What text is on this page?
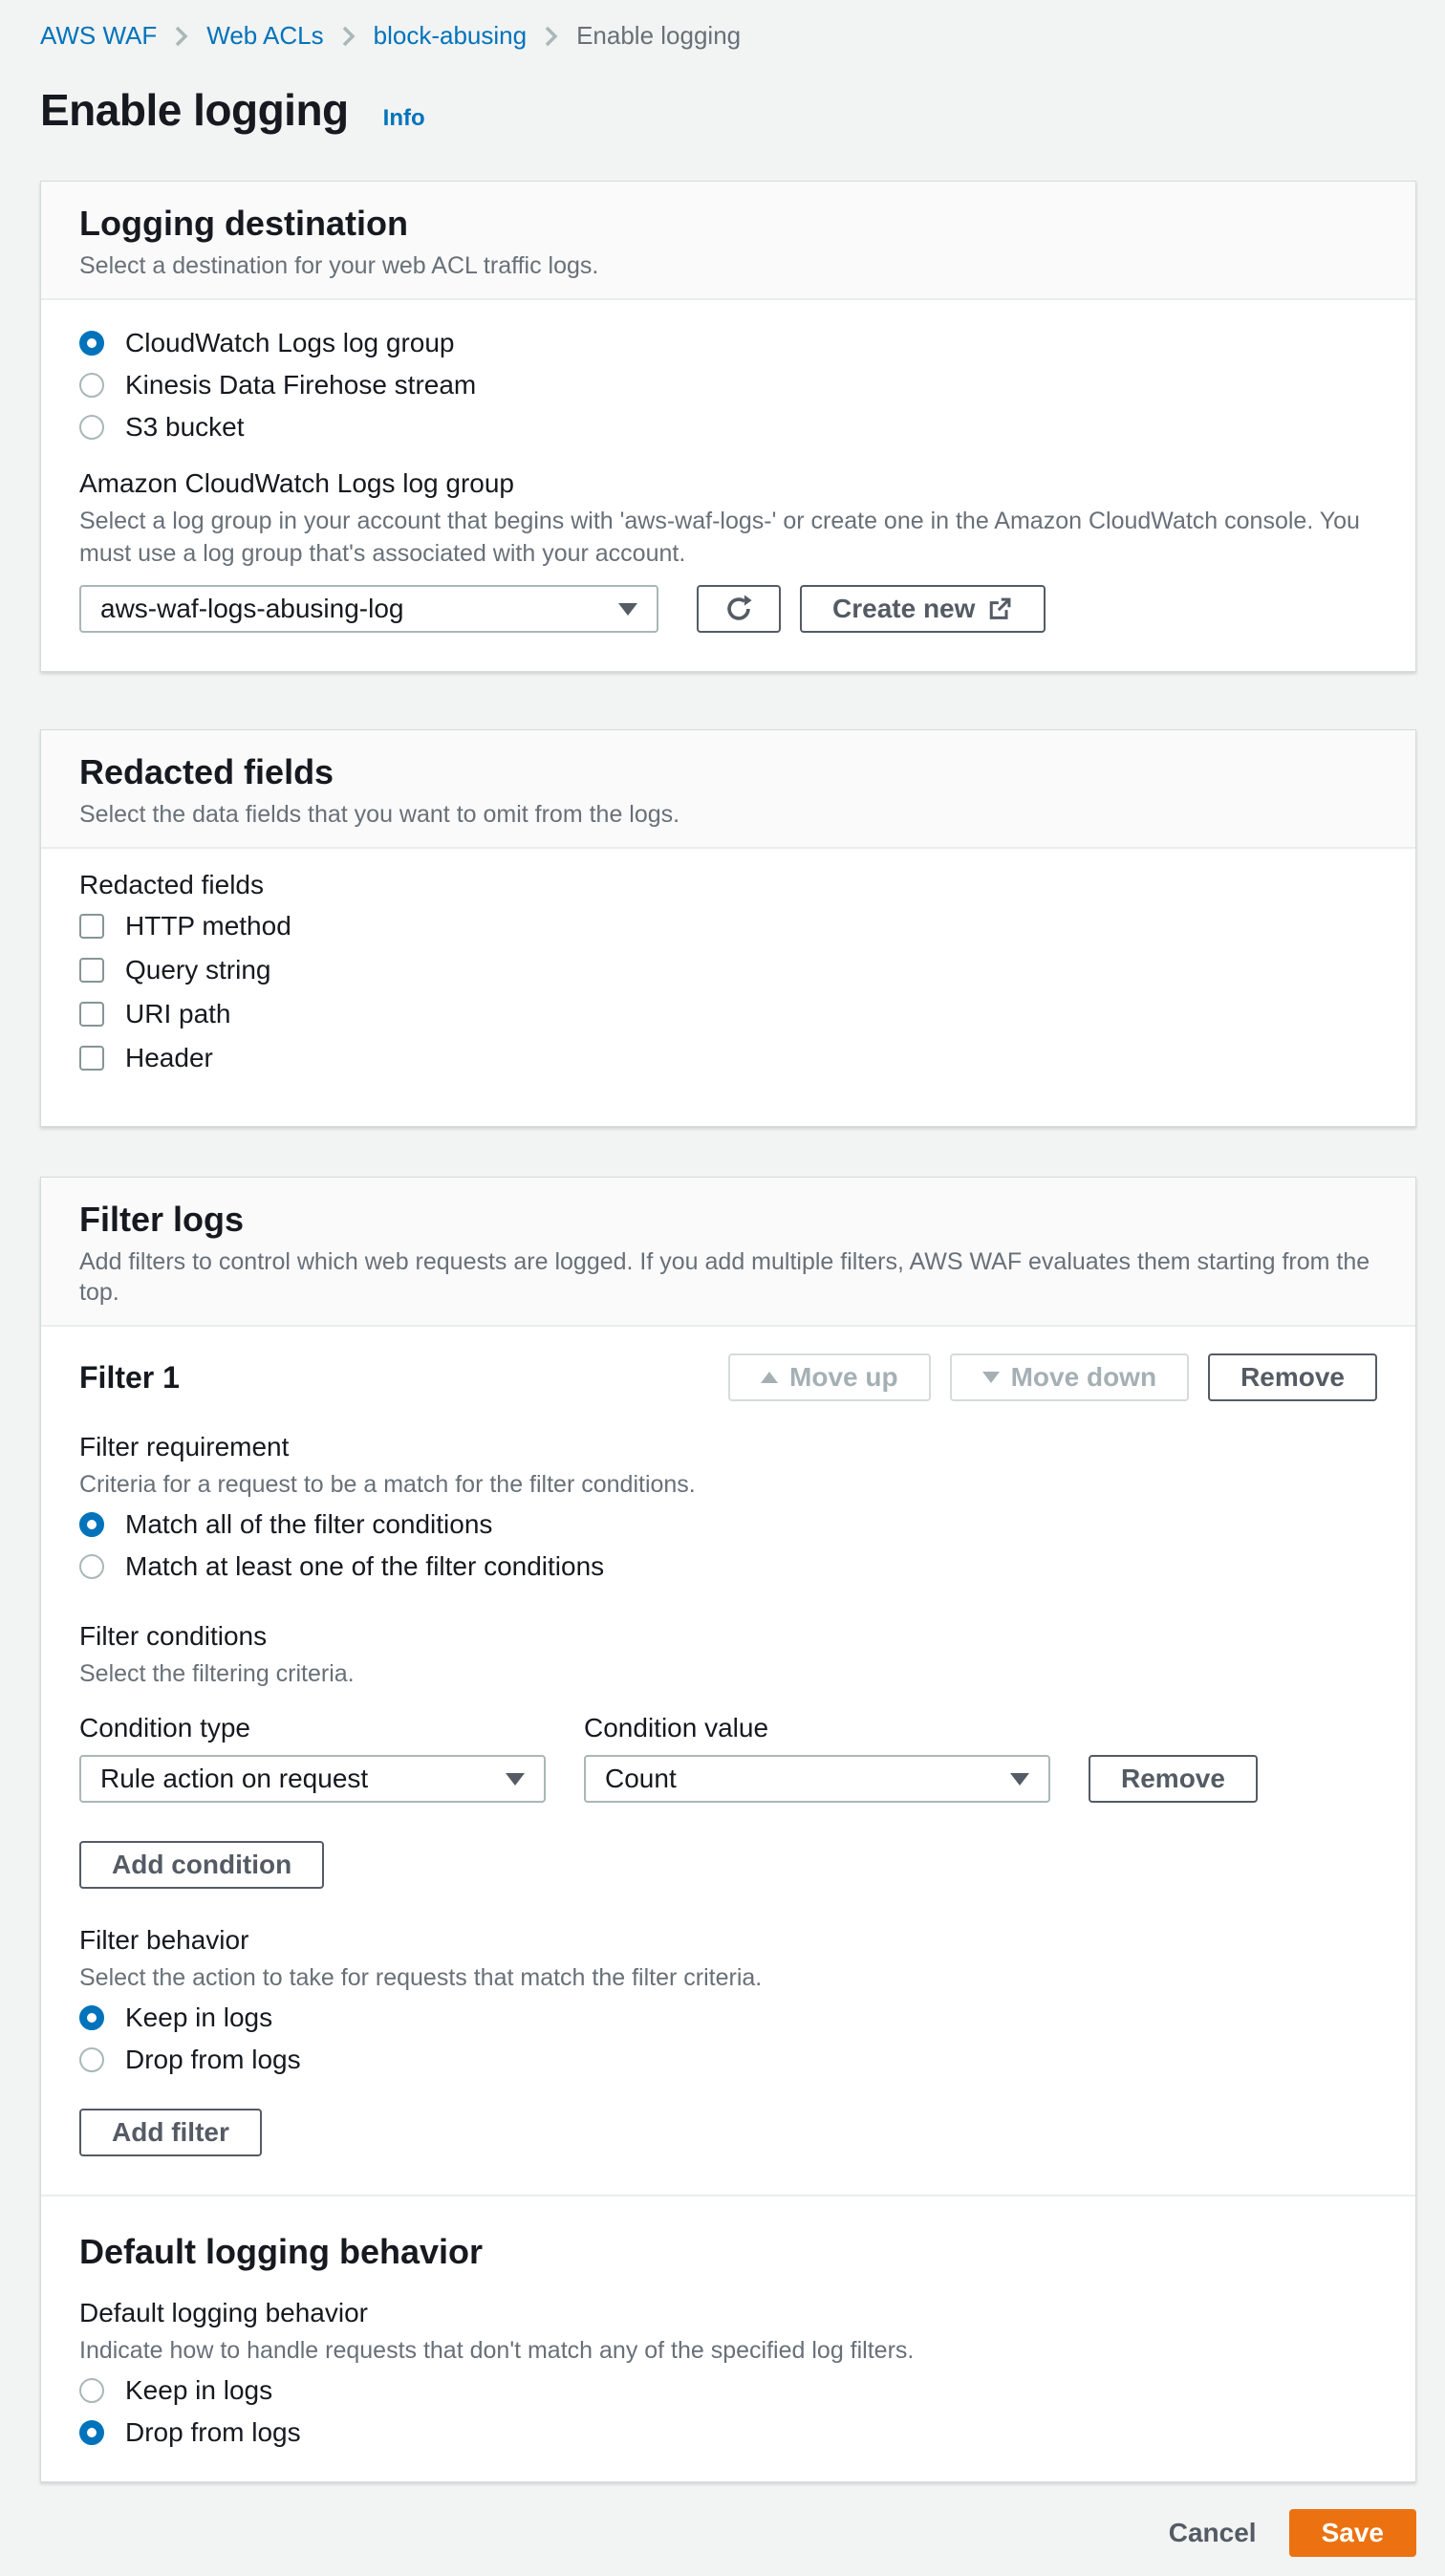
AWS WAF Web ACLs block-abusing Enable logging
Enable logging Info
Logging destination
Select a destination for your web ACL traffic logs.
CloudWatch Logs log group
Kinesis Data Firehose stream
S3 bucket
Amazon CloudWatch Logs log group
Select a log group in your account that begins with 'aws-waf-logs-' or create one in the Amazon CloudWatch console. You must use a log group that's associated with your account.
aws-waf-logs-abusing-log	Create new
Redacted fields
Select the data fields that you want to omit from the logs.
Redacted fields
HTTP method
Query string
URI path
Header
Filter logs
Add filters to control which web requests are logged. If you add multiple filters, AWS WAF evaluates them starting from the top.
Filter 1	Move up	Move down	Remove
Filter requirement
Criteria for a request to be a match for the filter conditions.
Match all of the filter conditions
Match at least one of the filter conditions
Filter conditions
Select the filtering criteria.
Condition type	Condition value
Rule action on request	Count	Remove
Add condition
Filter behavior
Select the action to take for requests that match the filter criteria.
Keep in logs
Drop from logs
Add filter
Default logging behavior
Default logging behavior
Indicate how to handle requests that don't match any of the specified log filters.
Keep in logs
Drop from logs
Cancel Save
